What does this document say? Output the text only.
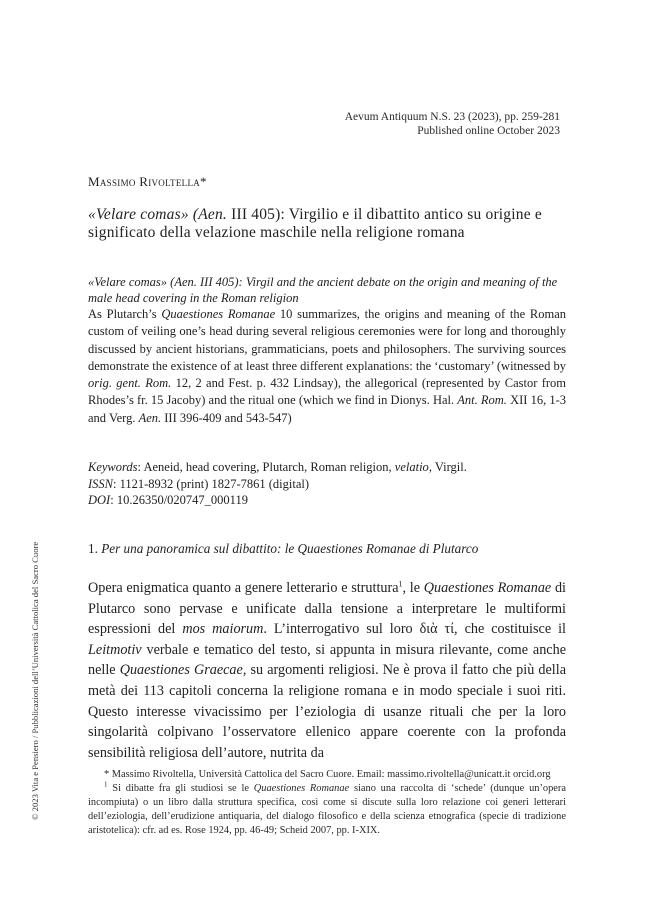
Aevum Antiquum N.S. 23 (2023), pp. 259-281
Published online October 2023
Massimo Rivoltella*
«Velare comas» (Aen. III 405): Virgilio e il dibattito antico su origine e significato della velazione maschile nella religione romana
«Velare comas» (Aen. III 405): Virgil and the ancient debate on the origin and meaning of the male head covering in the Roman religion
As Plutarch’s Quaestiones Romanae 10 summarizes, the origins and meaning of the Roman custom of veiling one’s head during several religious ceremonies were for long and thoroughly discussed by ancient historians, grammaticians, poets and philosophers. The surviving sources demonstrate the existence of at least three different explanations: the ‘customary’ (witnessed by orig. gent. Rom. 12, 2 and Fest. p. 432 Lindsay), the allegorical (represented by Castor from Rhodes’s fr. 15 Jacoby) and the ritual one (which we find in Dionys. Hal. Ant. Rom. XII 16, 1-3 and Verg. Aen. III 396-409 and 543-547)
Keywords: Aeneid, head covering, Plutarch, Roman religion, velatio, Virgil.
ISSN: 1121-8932 (print) 1827-7861 (digital)
DOI: 10.26350/020747_000119
1. Per una panoramica sul dibattito: le Quaestiones Romanae di Plutarco
Opera enigmatica quanto a genere letterario e struttura$^1$, le Quaestiones Romanae di Plutarco sono pervase e unificate dalla tensione a interpretare le multiformi espressioni del mos maiorum. L’interrogativo sul loro διὰ τί, che costituisce il Leitmotiv verbale e tematico del testo, si appunta in misura rilevante, come anche nelle Quaestiones Graecae, su argomenti religiosi. Ne è prova il fatto che più della metà dei 113 capitoli concerna la religione romana e in modo speciale i suoi riti. Questo interesse vivacissimo per l’eziologia di usanze rituali che per la loro singolarità colpivano l’osservatore ellenico appare coerente con la profonda sensibilità religiosa dell’autore, nutrita da

* Massimo Rivoltella, Università Cattolica del Sacro Cuore. Email: massimo.rivoltella@unicatt.it orcid.org

$^1$ Si dibatte fra gli studiosi se le Quaestiones Romanae siano una raccolta di ‘schede’ (dunque un’opera incompiuta) o un libro dalla struttura specifica, così come si discute sulla loro relazione coi generi letterari dell’eziologia, dell’erudizione antiquaria, del dialogo filosofico e della scienza etnografica (specie di tradizione aristotelica): cfr. ad es. Rose 1924, pp. 46-49; Scheid 2007, pp. I-XIX.

© 2023 Vita e Pensiero / Pubblicazioni dell’Università Cattolica del Sacro Cuore
